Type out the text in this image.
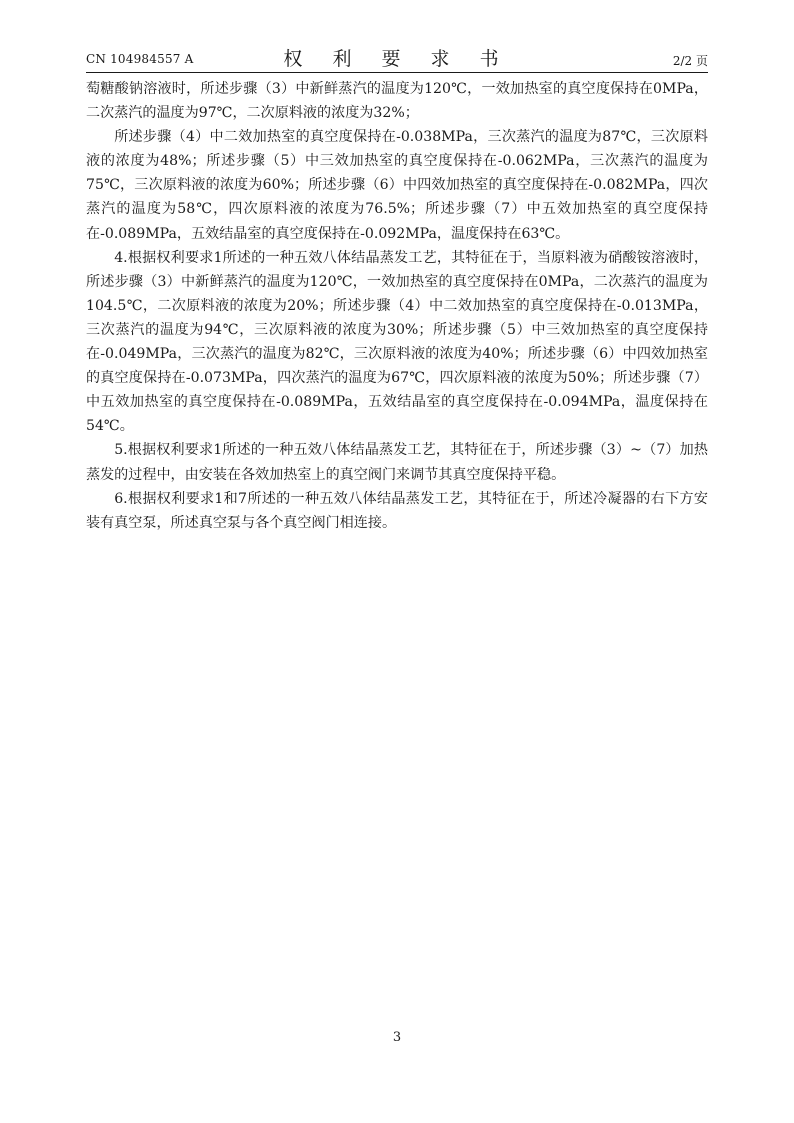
CN 104984557 A	权 利 要 求 书	2/2 页

萄糖酸钠溶液时，所述步骤（3）中新鲜蒸汽的温度为120℃，一效加热室的真空度保持在0MPa，二次蒸汽的温度为97℃，二次原料液的浓度为32%；

所述步骤（4）中二效加热室的真空度保持在-0.038MPa，三次蒸汽的温度为87℃，三次原料液的浓度为48%；所述步骤（5）中三效加热室的真空度保持在-0.062MPa，三次蒸汽的温度为75℃，三次原料液的浓度为60%；所述步骤（6）中四效加热室的真空度保持在-0.082MPa，四次蒸汽的温度为58℃，四次原料液的浓度为76.5%；所述步骤（7）中五效加热室的真空度保持在-0.089MPa，五效结晶室的真空度保持在-0.092MPa，温度保持在63℃。

4.根据权利要求1所述的一种五效八体结晶蒸发工艺，其特征在于，当原料液为硝酸铵溶液时，所述步骤（3）中新鲜蒸汽的温度为120℃，一效加热室的真空度保持在0MPa，二次蒸汽的温度为104.5℃，二次原料液的浓度为20%；所述步骤（4）中二效加热室的真空度保持在-0.013MPa，三次蒸汽的温度为94℃，三次原料液的浓度为30%；所述步骤（5）中三效加热室的真空度保持在-0.049MPa，三次蒸汽的温度为82℃，三次原料液的浓度为40%；所述步骤（6）中四效加热室的真空度保持在-0.073MPa，四次蒸汽的温度为67℃，四次原料液的浓度为50%；所述步骤（7）中五效加热室的真空度保持在-0.089MPa，五效结晶室的真空度保持在-0.094MPa，温度保持在54℃。

5.根据权利要求1所述的一种五效八体结晶蒸发工艺，其特征在于，所述步骤（3）~（7）加热蒸发的过程中，由安装在各效加热室上的真空阀门来调节其真空度保持平稳。

6.根据权利要求1和7所述的一种五效八体结晶蒸发工艺，其特征在于，所述冷凝器的右下方安装有真空泵，所述真空泵与各个真空阀门相连接。

3
